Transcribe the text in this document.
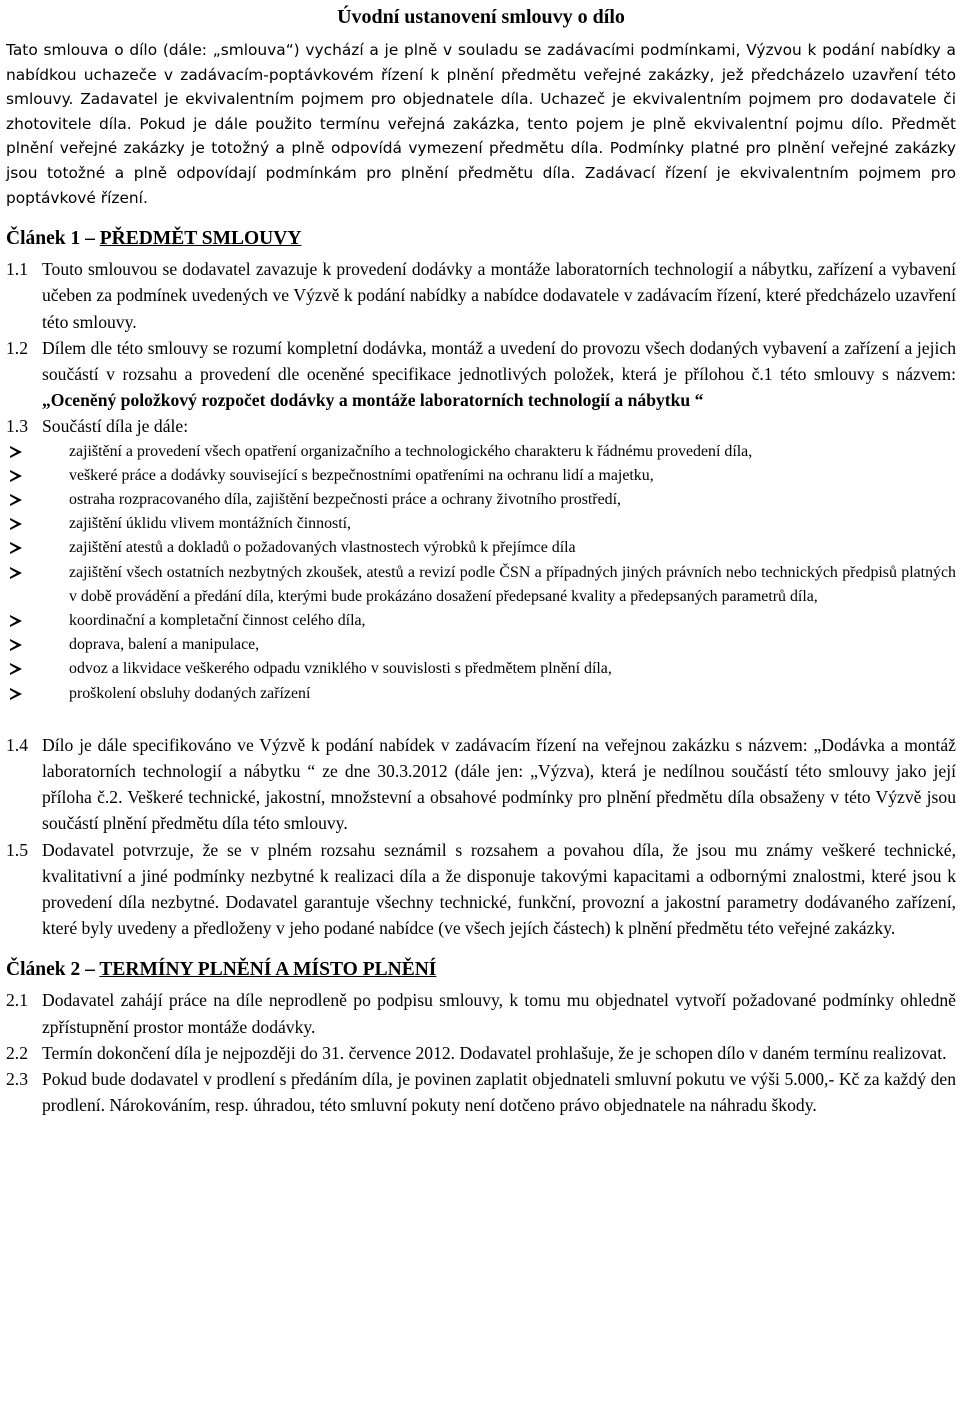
Úvodní ustanovení smlouvy o dílo

Tato smlouva o dílo (dále: „smlouva“) vychází a je plně v souladu se zadávacími podmínkami, Výzvou k podání nabídky a nabídkou uchazeče v zadávacím-poptávkovém řízení k plnění předmětu veřejné zakázky, jež předcházelo uzavření této smlouvy. Zadavatel je ekvivalentním pojmem pro objednatele díla. Uchazeč je ekvivalentním pojmem pro dodavatele či zhotovitele díla. Pokud je dále použito termínu veřejná zakázka, tento pojem je plně ekvivalentní pojmu dílo. Předmět plnění veřejné zakázky je totožný a plně odpovídá vymezení předmětu díla. Podmínky platné pro plnění veřejné zakázky jsou totožné a plně odpovídají podmínkám pro plnění předmětu díla. Zadávací řízení je ekvivalentním pojmem pro poptávkové řízení.

Článek 1 – PŘEDMĚT SMLOUVY
1.1 Touto smlouvou se dodavatel zavazuje k provedení dodávky a montáže laboratorních technologií a nábytku, zařízení a vybavení učeben za podmínek uvedených ve Výzvě k podání nabídky a nabídce dodavatele v zadávacím řízení, které předcházelo uzavření této smlouvy.
1.2 Dílem dle této smlouvy se rozumí kompletní dodávka, montáž a uvedení do provozu všech dodaných vybavení a zařízení a jejich součástí v rozsahu a provedení dle oceněné specifikace jednotlivých položek, která je přílohou č.1 této smlouvy s názvem: „Oceněný položkový rozpočet dodávky a montáže laboratorních technologií a nábytku “
1.3 Součástí díla je dále:
zajištění a provedení všech opatření organizačního a technologického charakteru k řádnému provedení díla,
veškeré práce a dodávky související s bezpečnostními opatřeními na ochranu lidí a majetku,
ostraha rozpracovaného díla, zajištění bezpečnosti práce a ochrany životního prostředí,
zajištění úklidu vlivem montážních činností,
zajištění atestů a dokladů o požadovaných vlastnostech výrobků k přejímce díla
zajištění všech ostatních nezbytných zkoušek, atestů a revizí podle ČSN a případných jiných právních nebo technických předpisů platných v době provádění a předání díla, kterými bude prokázáno dosažení předepsané kvality a předepsaných parametrů díla,
koordinační a kompletační činnost celého díla,
doprava, balení a manipulace,
odvoz a likvidace veškerého odpadu vzniklého v souvislosti s předmětem plnění díla,
proškolení obsluhy dodaných zařízení
1.4 Dílo je dále specifikováno ve Výzvě k podání nabídek v zadávacím řízení na veřejnou zakázku s názvem: „Dodávka a montáž laboratorních technologií a nábytku “ ze dne 30.3.2012 (dále jen: „Výzva), která je nedílnou součástí této smlouvy jako její příloha č.2. Veškeré technické, jakostní, množstevní a obsahové podmínky pro plnění předmětu díla obsaženy v této Výzvě jsou součástí plnění předmětu díla této smlouvy.
1.5 Dodavatel potvrzuje, že se v plném rozsahu seznámil s rozsahem a povahou díla, že jsou mu známy veškeré technické, kvalitativní a jiné podmínky nezbytné k realizaci díla a že disponuje takovými kapacitami a odbornými znalostmi, které jsou k provedení díla nezbytné. Dodavatel garantuje všechny technické, funkční, provozní a jakostní parametry dodávaného zařízení, které byly uvedeny a předloženy v jeho podané nabídce (ve všech jejích částech) k plnění předmětu této veřejné zakázky.
Článek 2 – TERMÍNY PLNĚNÍ A MÍSTO PLNĚNÍ
2.1 Dodavatel zahájí práce na díle neprodleně po podpisu smlouvy, k tomu mu objednatel vytvoří požadované podmínky ohledně zpřístupnění prostor montáže dodávky.
2.2 Termín dokončení díla je nejpozději do 31. července 2012. Dodavatel prohlašuje, že je schopen dílo v daném termínu realizovat.
2.3 Pokud bude dodavatel v prodlení s předáním díla, je povinen zaplatit objednateli smluvní pokutu ve výši 5.000,- Kč za každý den prodlení. Nárokováním, resp. úhradou, této smluvní pokuty není dotčeno právo objednatele na náhradu škody.
